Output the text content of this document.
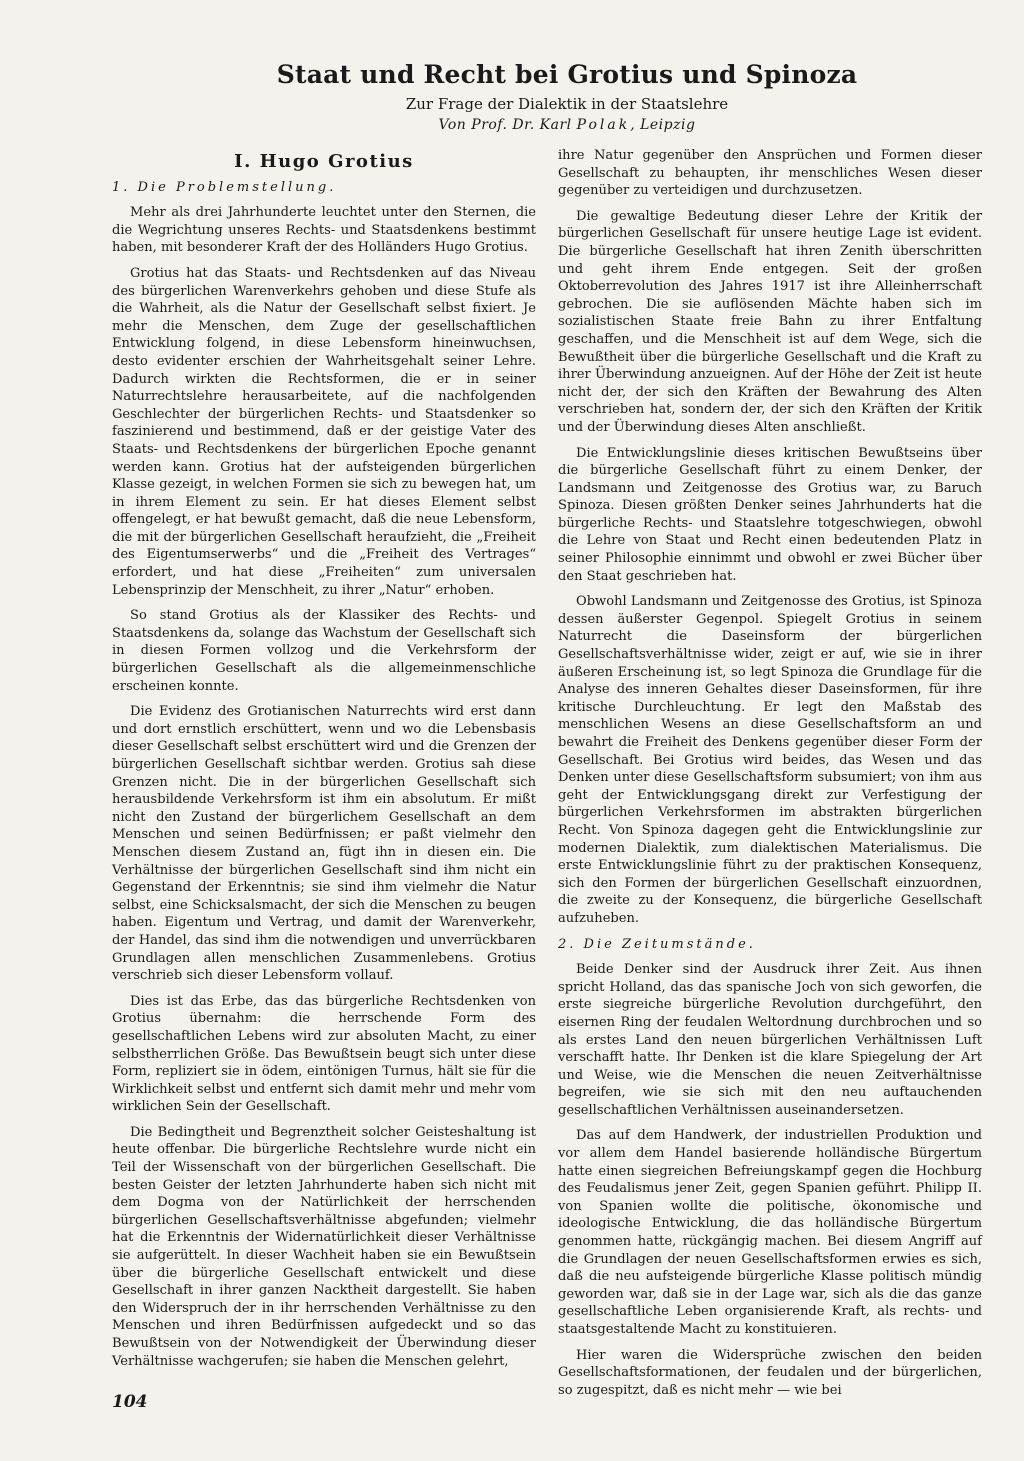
Staat und Recht bei Grotius und Spinoza
Zur Frage der Dialektik in der Staatslehre
Von Prof. Dr. Karl Polak, Leipzig
I. Hugo Grotius
1. Die Problemstellung.

Mehr als drei Jahrhunderte leuchtet unter den Sternen, die die Wegrichtung unseres Rechts- und Staatsdenkens bestimmt haben, mit besonderer Kraft der des Holländers Hugo Grotius.

Grotius hat das Staats- und Rechtsdenken auf das Niveau des bürgerlichen Warenverkehrs gehoben und diese Stufe als die Wahrheit, als die Natur der Gesellschaft selbst fixiert. Je mehr die Menschen, dem Zuge der gesellschaftlichen Entwicklung folgend, in diese Lebensform hineinwuchsen, desto evidenter erschien der Wahrheitsgehalt seiner Lehre. Dadurch wirkten die Rechtsformen, die er in seiner Naturrechtslehre herausarbeitete, auf die nachfolgenden Geschlechter der bürgerlichen Rechts- und Staatsdenker so faszinierend und bestimmend, daß er der geistige Vater des Staats- und Rechtsdenkens der bürgerlichen Epoche genannt werden kann. Grotius hat der aufsteigenden bürgerlichen Klasse gezeigt, in welchen Formen sie sich zu bewegen hat, um in ihrem Element zu sein. Er hat dieses Element selbst offengelegt, er hat bewußt gemacht, daß die neue Lebensform, die mit der bürgerlichen Gesellschaft heraufzieht, die „Freiheit des Eigentumserwerbs“ und die „Freiheit des Vertrages“ erfordert, und hat diese „Freiheiten“ zum universalen Lebensprinzip der Menschheit, zu ihrer „Natur“ erhoben.

So stand Grotius als der Klassiker des Rechts- und Staatsdenkens da, solange das Wachstum der Gesellschaft sich in diesen Formen vollzog und die Verkehrsform der bürgerlichen Gesellschaft als die allgemeinmenschliche erscheinen konnte.

Die Evidenz des Grotianischen Naturrechts wird erst dann und dort ernstlich erschüttert, wenn und wo die Lebensbasis dieser Gesellschaft selbst erschüttert wird und die Grenzen der bürgerlichen Gesellschaft sichtbar werden. Grotius sah diese Grenzen nicht. Die in der bürgerlichen Gesellschaft sich herausbildende Verkehrsform ist ihm ein absolutum. Er mißt nicht den Zustand der bürgerlichem Gesellschaft an dem Menschen und seinen Bedürfnissen; er paßt vielmehr den Menschen diesem Zustand an, fügt ihn in diesen ein. Die Verhältnisse der bürgerlichen Gesellschaft sind ihm nicht ein Gegenstand der Erkenntnis; sie sind ihm vielmehr die Natur selbst, eine Schicksalsmacht, der sich die Menschen zu beugen haben. Eigentum und Vertrag, und damit der Warenverkehr, der Handel, das sind ihm die notwendigen und unverrückbaren Grundlagen allen menschlichen Zusammenlebens. Grotius verschrieb sich dieser Lebensform vollauf.

Dies ist das Erbe, das das bürgerliche Rechtsdenken von Grotius übernahm: die herrschende Form des gesellschaftlichen Lebens wird zur absoluten Macht, zu einer selbstherrlichen Größe. Das Bewußtsein beugt sich unter diese Form, repliziert sie in ödem, eintönigen Turnus, hält sie für die Wirklichkeit selbst und entfernt sich damit mehr und mehr vom wirklichen Sein der Gesellschaft.

Die Bedingtheit und Begrenztheit solcher Geisteshaltung ist heute offenbar. Die bürgerliche Rechtslehre wurde nicht ein Teil der Wissenschaft von der bürgerlichen Gesellschaft. Die besten Geister der letzten Jahrhunderte haben sich nicht mit dem Dogma von der Natürlichkeit der herrschenden bürgerlichen Gesellschaftsverhältnisse abgefunden; vielmehr hat die Erkenntnis der Widernatürlichkeit dieser Verhältnisse sie aufgerüttelt. In dieser Wachheit haben sie ein Bewußtsein über die bürgerliche Gesellschaft entwickelt und diese Gesellschaft in ihrer ganzen Nacktheit dargestellt. Sie haben den Widerspruch der in ihr herrschenden Verhältnisse zu den Menschen und ihren Bedürfnissen aufgedeckt und so das Bewußtsein von der Notwendigkeit der Überwindung dieser Verhältnisse wachgerufen; sie haben die Menschen gelehrt,

ihre Natur gegenüber den Ansprüchen und Formen dieser Gesellschaft zu behaupten, ihr menschliches Wesen dieser gegenüber zu verteidigen und durchzusetzen.

Die gewaltige Bedeutung dieser Lehre der Kritik der bürgerlichen Gesellschaft für unsere heutige Lage ist evident. Die bürgerliche Gesellschaft hat ihren Zenith überschritten und geht ihrem Ende entgegen. Seit der großen Oktoberrevolution des Jahres 1917 ist ihre Alleinherrschaft gebrochen. Die sie auflösenden Mächte haben sich im sozialistischen Staate freie Bahn zu ihrer Entfaltung geschaffen, und die Menschheit ist auf dem Wege, sich die Bewußtheit über die bürgerliche Gesellschaft und die Kraft zu ihrer Überwindung anzueignen. Auf der Höhe der Zeit ist heute nicht der, der sich den Kräften der Bewahrung des Alten verschrieben hat, sondern der, der sich den Kräften der Kritik und der Überwindung dieses Alten anschließt.

Die Entwicklungslinie dieses kritischen Bewußtseins über die bürgerliche Gesellschaft führt zu einem Denker, der Landsmann und Zeitgenosse des Grotius war, zu Baruch Spinoza. Diesen größten Denker seines Jahrhunderts hat die bürgerliche Rechts- und Staatslehre totgeschwiegen, obwohl die Lehre von Staat und Recht einen bedeutenden Platz in seiner Philosophie einnimmt und obwohl er zwei Bücher über den Staat geschrieben hat.

Obwohl Landsmann und Zeitgenosse des Grotius, ist Spinoza dessen äußerster Gegenpol. Spiegelt Grotius in seinem Naturrecht die Daseinsform der bürgerlichen Gesellschaftsverhältnisse wider, zeigt er auf, wie sie in ihrer äußeren Erscheinung ist, so legt Spinoza die Grundlage für die Analyse des inneren Gehaltes dieser Daseinsformen, für ihre kritische Durchleuchtung. Er legt den Maßstab des menschlichen Wesens an diese Gesellschaftsform an und bewahrt die Freiheit des Denkens gegenüber dieser Form der Gesellschaft. Bei Grotius wird beides, das Wesen und das Denken unter diese Gesellschaftsform subsumiert; von ihm aus geht der Entwicklungsgang direkt zur Verfestigung der bürgerlichen Verkehrsformen im abstrakten bürgerlichen Recht. Von Spinoza dagegen geht die Entwicklungslinie zur modernen Dialektik, zum dialektischen Materialismus. Die erste Entwicklungslinie führt zu der praktischen Konsequenz, sich den Formen der bürgerlichen Gesellschaft einzuordnen, die zweite zu der Konsequenz, die bürgerliche Gesellschaft aufzuheben.

2. Die Zeitumstände.

Beide Denker sind der Ausdruck ihrer Zeit. Aus ihnen spricht Holland, das das spanische Joch von sich geworfen, die erste siegreiche bürgerliche Revolution durchgeführt, den eisernen Ring der feudalen Weltordnung durchbrochen und so als erstes Land den neuen bürgerlichen Verhältnissen Luft verschafft hatte. Ihr Denken ist die klare Spiegelung der Art und Weise, wie die Menschen die neuen Zeitverhältnisse begreifen, wie sie sich mit den neu auftauchenden gesellschaftlichen Verhältnissen auseinandersetzen.

Das auf dem Handwerk, der industriellen Produktion und vor allem dem Handel basierende holländische Bürgertum hatte einen siegreichen Befreiungskampf gegen die Hochburg des Feudalismus jener Zeit, gegen Spanien geführt. Philipp II. von Spanien wollte die politische, ökonomische und ideologische Entwicklung, die das holländische Bürgertum genommen hatte, rückgängig machen. Bei diesem Angriff auf die Grundlagen der neuen Gesellschaftsformen erwies es sich, daß die neu aufsteigende bürgerliche Klasse politisch mündig geworden war, daß sie in der Lage war, sich als die das ganze gesellschaftliche Leben organisierende Kraft, als rechts- und staatsgestaltende Macht zu konstituieren.

Hier waren die Widersprüche zwischen den beiden Gesellschaftsformationen, der feudalen und der bürgerlichen, so zugespitzt, daß es nicht mehr — wie bei

104
